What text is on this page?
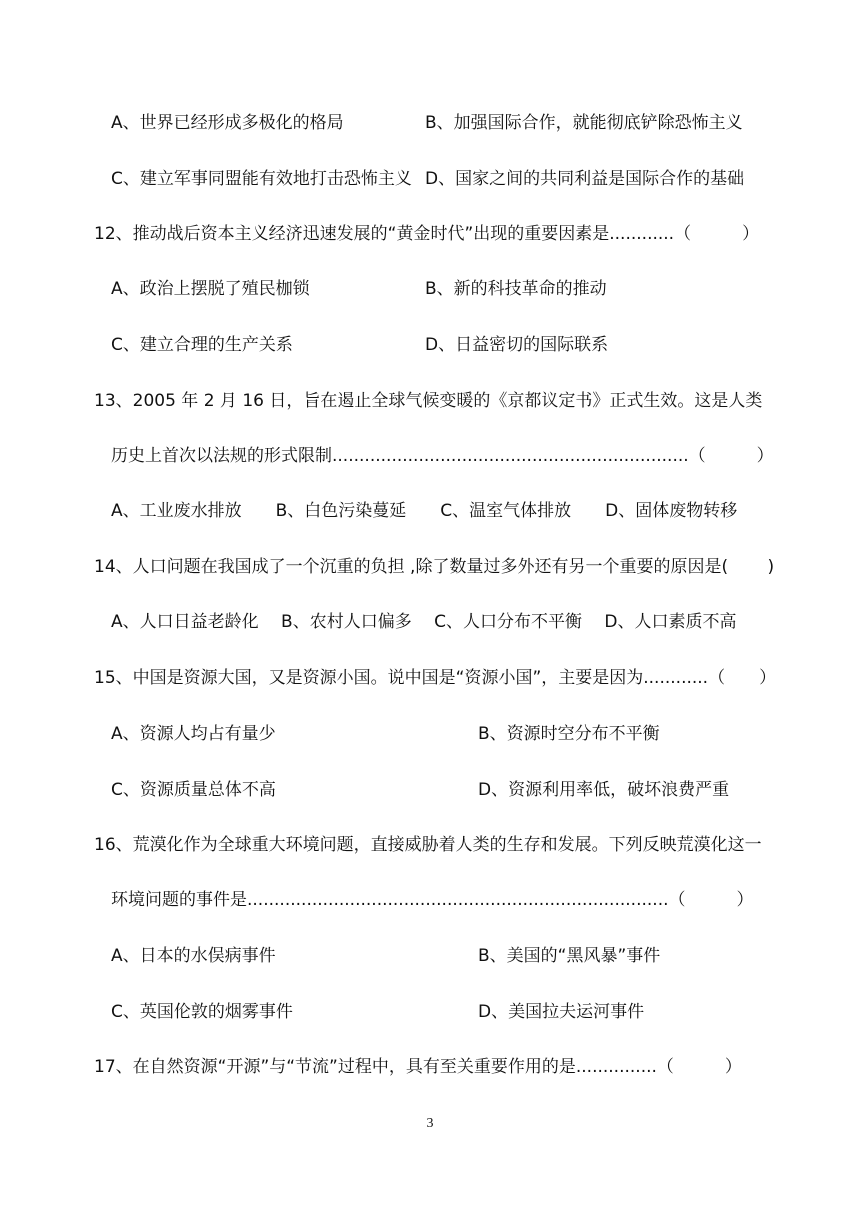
A、世界已经形成多极化的格局	B、加强国际合作，就能彻底铲除恐怖主义
C、建立军事同盟能有效地打击恐怖主义 D、国家之间的共同利益是国际合作的基础
12、推动战后资本主义经济迅速发展的“黄金时代”出现的重要因素是............（　　　）
A、政治上摆脱了殖民枷锁	B、新的科技革命的推动
C、建立合理的生产关系	D、日益密切的国际联系
13、2005 年 2 月 16 日，旨在遏止全球气候变暖的《京都议定书》正式生效。这是人类
历史上首次以法规的形式限制..................................................................（　　　）
A、工业废水排放　　B、白色污染蔓延　　C、温室气体排放　　D、固体废物转移
14、人口问题在我国成了一个沉重的负担 ,除了数量过多外还有另一个重要的原因是(　　 )
A、人口日益老龄化　 B、农村人口偏多　 C、人口分布不平衡　 D、人口素质不高
15、中国是资源大国，又是资源小国。说中国是“资源小国”，主要是因为............（　　）
A、资源人均占有量少	B、资源时空分布不平衡
C、资源质量总体不高	D、资源利用率低，破坏浪费严重
16、荒漠化作为全球重大环境问题，直接威胁着人类的生存和发展。下列反映荒漠化这一
环境问题的事件是..............................................................................（　　　）
A、日本的水俣病事件	B、美国的“黑风暴”事件
C、英国伦敦的烟雾事件	D、美国拉夫运河事件
17、在自然资源“开源”与“节流”过程中，具有至关重要作用的是...............（　　　）
3
